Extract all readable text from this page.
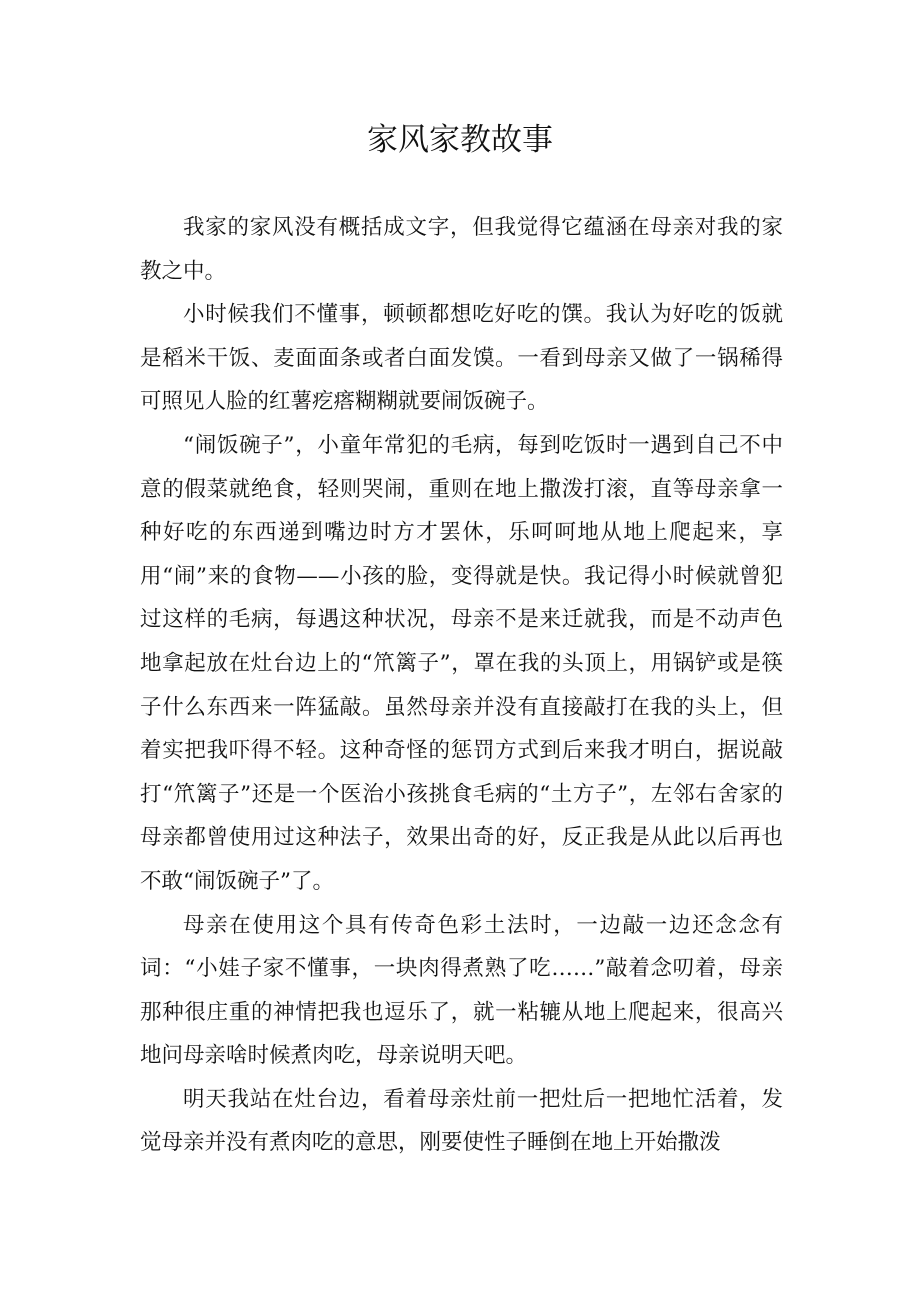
家风家教故事

我家的家风没有概括成文字，但我觉得它蕴涵在母亲对我的家教之中。

小时候我们不懂事，顿顿都想吃好吃的馔。我认为好吃的饭就是稻米干饭、麦面面条或者白面发馍。一看到母亲又做了一锅稀得可照见人脸的红薯疙瘩糊糊就要闹饭碗子。

“闹饭碗子”，小童年常犯的毛病，每到吃饭时一遇到自己不中意的假菜就绝食，轻则哭闹，重则在地上撒泼打滚，直等母亲拿一种好吃的东西递到嘴边时方才罢休，乐呵呵地从地上爬起来，享用“闹”来的食物——小孩的脸，变得就是快。我记得小时候就曾犯过这样的毛病，每遇这种状况，母亲不是来迁就我，而是不动声色地拿起放在灶台边上的“笊篱子”，罩在我的头顶上，用锅铲或是筷子什么东西来一阵猛敲。虽然母亲并没有直接敲打在我的头上，但着实把我吓得不轻。这种奇怪的惩罚方式到后来我才明白，据说敲打“笊篱子”还是一个医治小孩挑食毛病的“土方子”，左邻右舍家的母亲都曾使用过这种法子，效果出奇的好，反正我是从此以后再也不敢“闹饭碗子”了。

母亲在使用这个具有传奇色彩土法时，一边敲一边还念念有词：“小娃子家不懂事，一块肉得煮熟了吃……”敲着念叨着，母亲那种很庄重的神情把我也逗乐了，就一粘辘从地上爬起来，很高兴地问母亲啥时候煮肉吃，母亲说明天吧。

明天我站在灶台边，看着母亲灶前一把灶后一把地忙活着，发觉母亲并没有煮肉吃的意思，刚要使性子睡倒在地上开始撒泼
